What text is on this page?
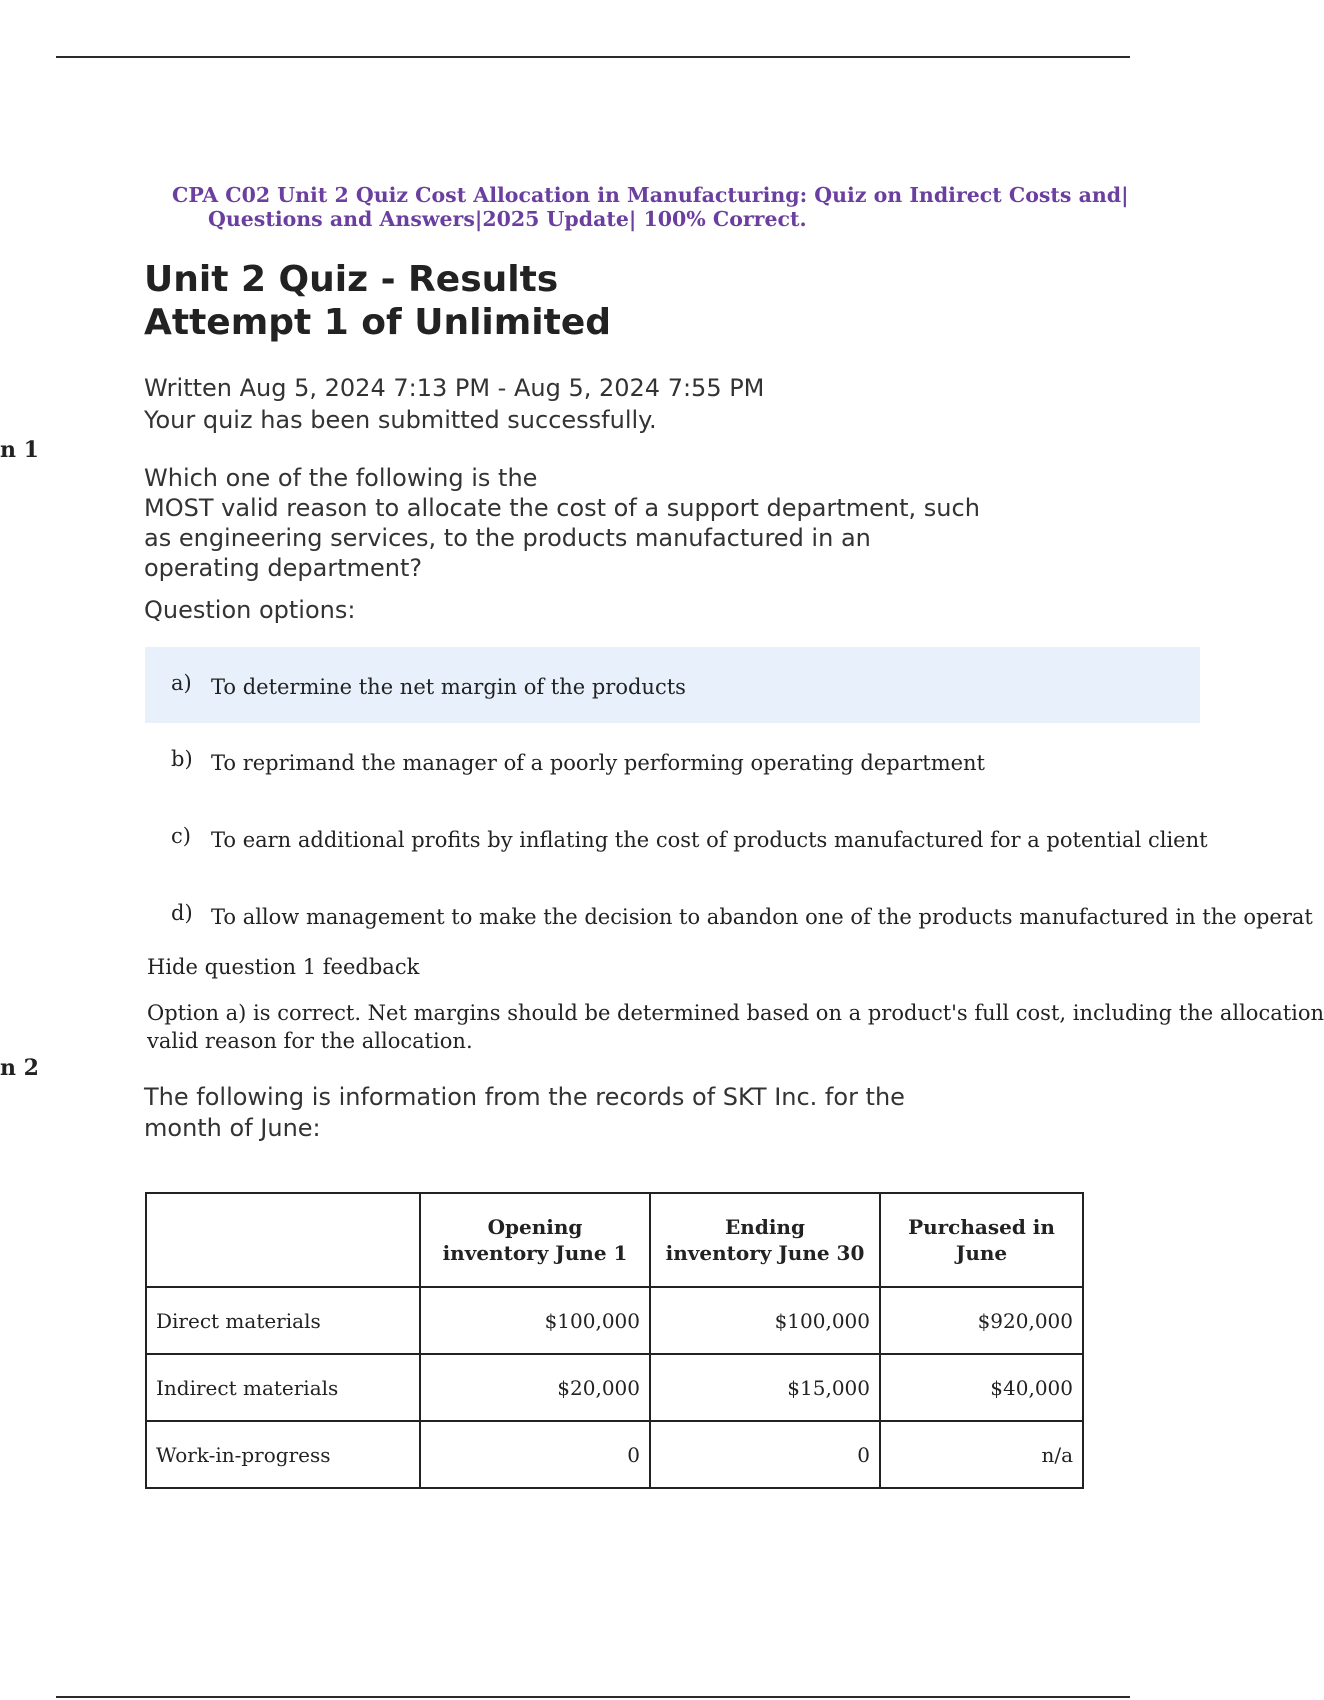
CPA C02 Unit 2 Quiz Cost Allocation in Manufacturing: Quiz on Indirect Costs and|
Questions and Answers|2025 Update| 100% Correct.
Unit 2 Quiz - Results
Attempt 1 of Unlimited
Written Aug 5, 2024 7:13 PM - Aug 5, 2024 7:55 PM
Your quiz has been submitted successfully.
n 1
Which one of the following is the
MOST valid reason to allocate the cost of a support department, such
as engineering services, to the products manufactured in an
operating department?
Question options:
a) To determine the net margin of the products
b) To reprimand the manager of a poorly performing operating department
c) To earn additional profits by inflating the cost of products manufactured for a potential client
d) To allow management to make the decision to abandon one of the products manufactured in the operat
Hide question 1 feedback
Option a) is correct. Net margins should be determined based on a product's full cost, including the allocation
valid reason for the allocation.
n 2
The following is information from the records of SKT Inc. for the
month of June:
	Opening
inventory June 1	Ending
inventory June 30	Purchased in
June
Direct materials	$100,000	$100,000	$920,000
Indirect materials	$20,000	$15,000	$40,000
Work-in-progress	0	0	n/a
